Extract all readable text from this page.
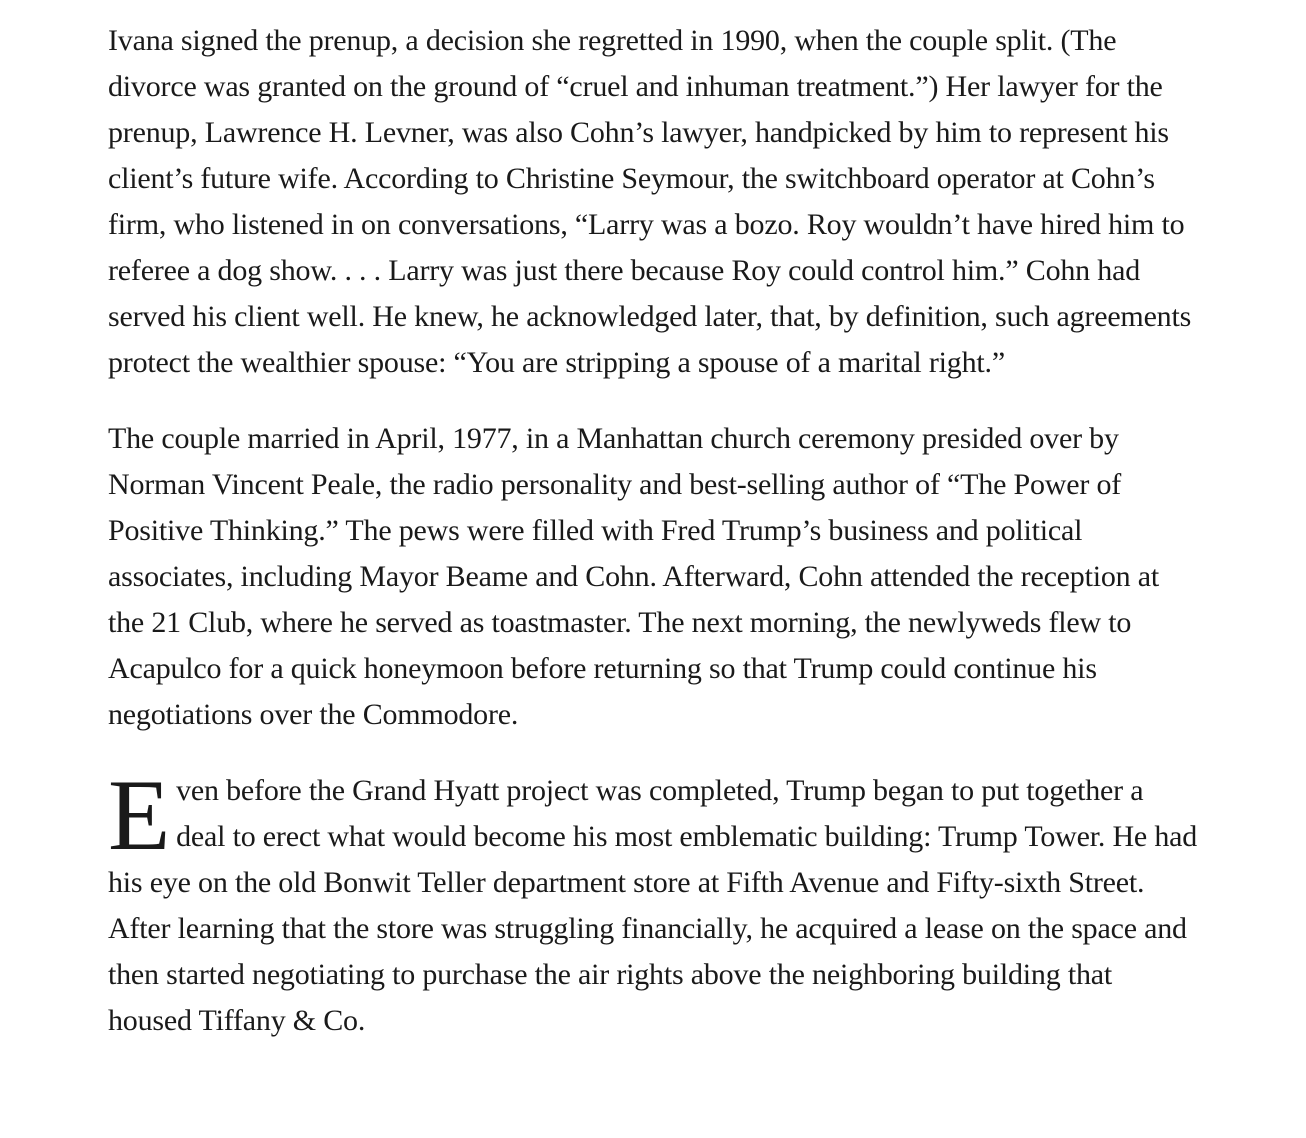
Ivana signed the prenup, a decision she regretted in 1990, when the couple split. (The divorce was granted on the ground of “cruel and inhuman treatment.”) Her lawyer for the prenup, Lawrence H. Levner, was also Cohn’s lawyer, handpicked by him to represent his client’s future wife. According to Christine Seymour, the switchboard operator at Cohn’s firm, who listened in on conversations, “Larry was a bozo. Roy wouldn’t have hired him to referee a dog show. . . . Larry was just there because Roy could control him.” Cohn had served his client well. He knew, he acknowledged later, that, by definition, such agreements protect the wealthier spouse: “You are stripping a spouse of a marital right.”

The couple married in April, 1977, in a Manhattan church ceremony presided over by Norman Vincent Peale, the radio personality and best-selling author of “The Power of Positive Thinking.” The pews were filled with Fred Trump’s business and political associates, including Mayor Beame and Cohn. Afterward, Cohn attended the reception at the 21 Club, where he served as toastmaster. The next morning, the newlyweds flew to Acapulco for a quick honeymoon before returning so that Trump could continue his negotiations over the Commodore.

Even before the Grand Hyatt project was completed, Trump began to put together a deal to erect what would become his most emblematic building: Trump Tower. He had his eye on the old Bonwit Teller department store at Fifth Avenue and Fifty-sixth Street. After learning that the store was struggling financially, he acquired a lease on the space and then started negotiating to purchase the air rights above the neighboring building that housed Tiffany & Co.
